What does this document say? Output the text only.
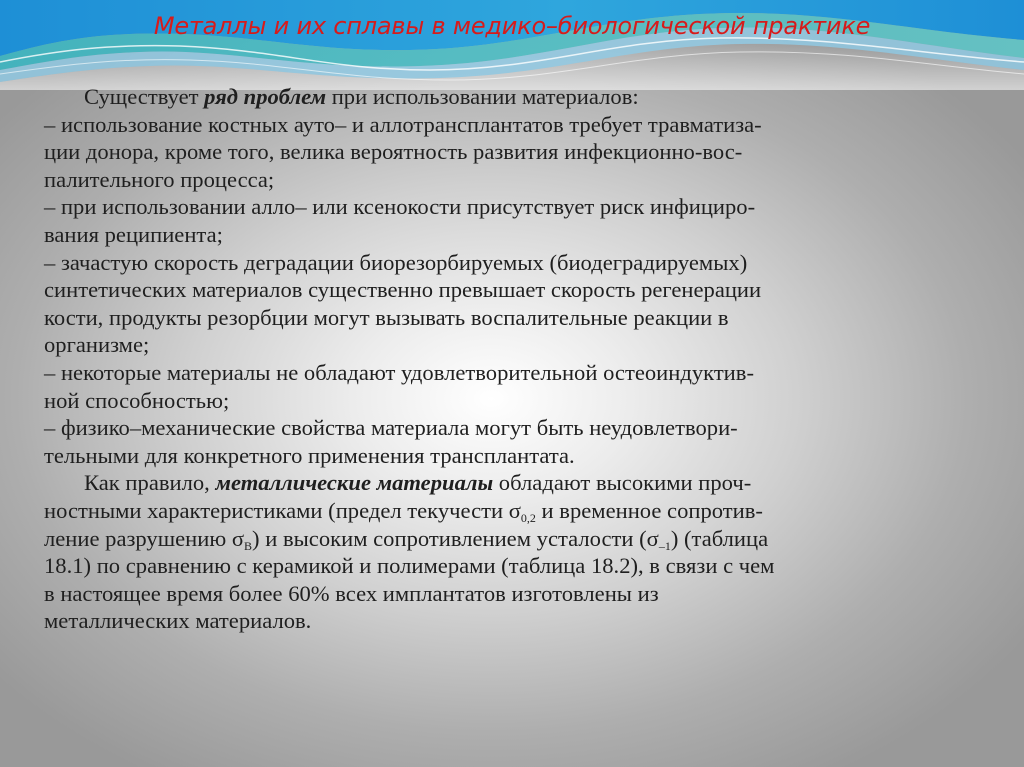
Металлы и их сплавы в медико–биологической практике
Существует ряд проблем при использовании материалов:
– использование костных ауто– и аллотрансплантатов требует травматиза-
ции донора, кроме того, велика вероятность развития инфекционно-вос-
палительного процесса;
– при использовании алло– или ксенокости присутствует риск инфициро-
вания реципиента;
– зачастую скорость деградации биорезорбируемых (биодеградируемых)
синтетических материалов существенно превышает скорость регенерации
кости, продукты резорбции могут вызывать воспалительные реакции в
организме;
– некоторые материалы не обладают удовлетворительной остеоиндуктив-
ной способностью;
– физико–механические свойства материала могут быть неудовлетвори-
тельными для конкретного применения трансплантата.
Как правило, металлические материалы обладают высокими проч-
ностными характеристиками (предел текучести $\sigma_{0,2}$ и временное сопротив-
ление разрушению $\sigma_В$) и высоким сопротивлением усталости $(\sigma_{-1})$ (таблица
18.1) по сравнению с керамикой и полимерами (таблица 18.2), в связи с чем
в настоящее время более 60% всех имплантатов изготовлены из
металлических материалов.
